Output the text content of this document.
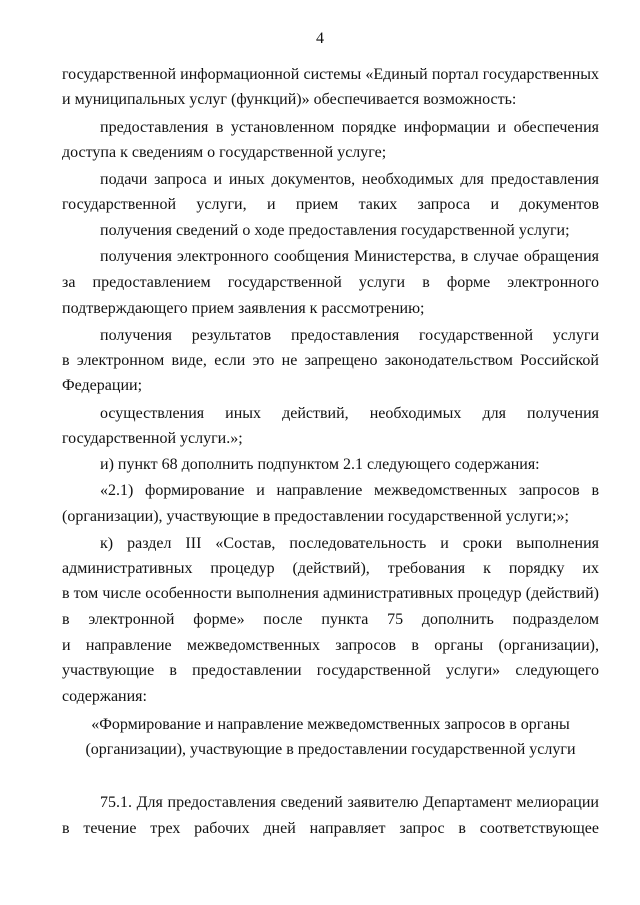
4
государственной информационной системы «Единый портал государственных
и муниципальных услуг (функций)» обеспечивается возможность:
предоставления в установленном порядке информации и обеспечения
доступа к сведениям о государственной услуге;
подачи запроса и иных документов, необходимых для предоставления
государственной услуги, и прием таких запроса и документов
получения сведений о ходе предоставления государственной услуги;
получения электронного сообщения Министерства, в случае обращения
за предоставлением государственной услуги в форме электронного
подтверждающего прием заявления к рассмотрению;
получения результатов предоставления государственной услуги
в электронном виде, если это не запрещено законодательством Российской
Федерации;
осуществления иных действий, необходимых для получения
государственной услуги.»;
и) пункт 68 дополнить подпунктом 2.1 следующего содержания:
«2.1) формирование и направление межведомственных запросов в
(организации), участвующие в предоставлении государственной услуги;»;
к) раздел III «Состав, последовательность и сроки выполнения
административных процедур (действий), требования к порядку их
в том числе особенности выполнения административных процедур (действий)
в электронной форме» после пункта 75 дополнить подразделом
и направление межведомственных запросов в органы (организации),
участвующие в предоставлении государственной услуги» следующего
содержания:
«Формирование и направление межведомственных запросов в органы
(организации), участвующие в предоставлении государственной услуги
75.1. Для предоставления сведений заявителю Департамент мелиорации
в течение трех рабочих дней направляет запрос в соответствующее
